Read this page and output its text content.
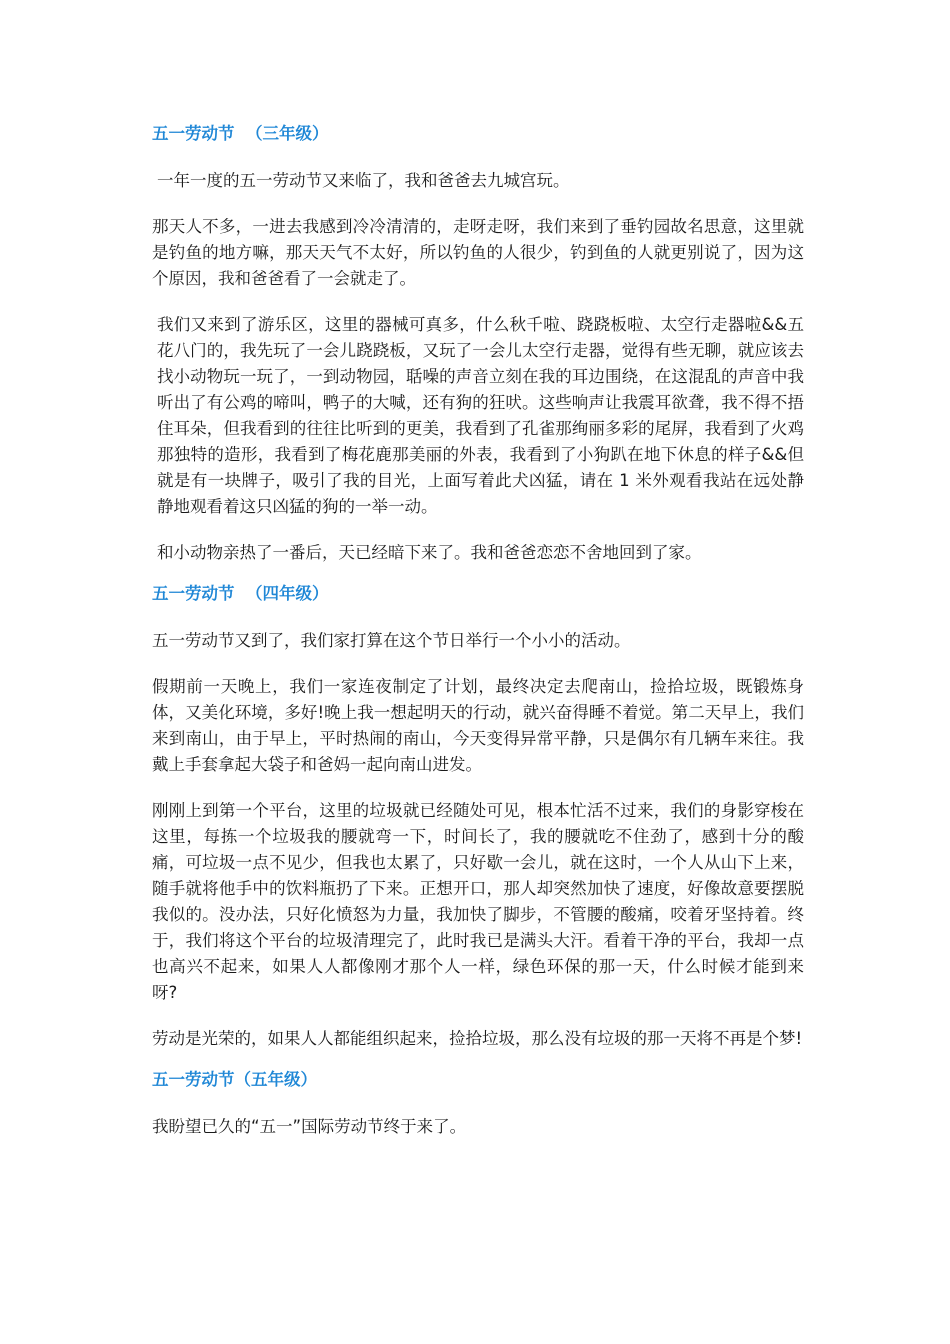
五一劳动节  （三年级）

一年一度的五一劳动节又来临了，我和爸爸去九城宫玩。

那天人不多，一进去我感到冷冷清清的，走呀走呀，我们来到了垂钓园故名思意，这里就是钓鱼的地方嘛，那天天气不太好，所以钓鱼的人很少，钓到鱼的人就更别说了，因为这个原因，我和爸爸看了一会就走了。

我们又来到了游乐区，这里的器械可真多，什么秋千啦、跷跷板啦、太空行走器啦&&五花八门的，我先玩了一会儿跷跷板，又玩了一会儿太空行走器，觉得有些无聊，就应该去找小动物玩一玩了，一到动物园，聒噪的声音立刻在我的耳边围绕，在这混乱的声音中我听出了有公鸡的啼叫，鸭子的大喊，还有狗的狂吠。这些响声让我震耳欲聋，我不得不捂住耳朵，但我看到的往往比听到的更美，我看到了孔雀那绚丽多彩的尾屏，我看到了火鸡那独特的造形，我看到了梅花鹿那美丽的外表，我看到了小狗趴在地下休息的样子&&但就是有一块牌子，吸引了我的目光，上面写着此犬凶猛，请在 1 米外观看我站在远处静静地观看着这只凶猛的狗的一举一动。

和小动物亲热了一番后，天已经暗下来了。我和爸爸恋恋不舍地回到了家。

五一劳动节  （四年级）

五一劳动节又到了，我们家打算在这个节日举行一个小小的活动。

假期前一天晚上，我们一家连夜制定了计划，最终决定去爬南山，捡拾垃圾，既锻炼身体，又美化环境，多好!晚上我一想起明天的行动，就兴奋得睡不着觉。第二天早上，我们来到南山，由于早上，平时热闹的南山，今天变得异常平静，只是偶尔有几辆车来往。我戴上手套拿起大袋子和爸妈一起向南山进发。

刚刚上到第一个平台，这里的垃圾就已经随处可见，根本忙活不过来，我们的身影穿梭在这里，每拣一个垃圾我的腰就弯一下，时间长了，我的腰就吃不住劲了，感到十分的酸痛，可垃圾一点不见少，但我也太累了，只好歇一会儿，就在这时，一个人从山下上来，随手就将他手中的饮料瓶扔了下来。正想开口，那人却突然加快了速度，好像故意要摆脱我似的。没办法，只好化愤怒为力量，我加快了脚步，不管腰的酸痛，咬着牙坚持着。终于，我们将这个平台的垃圾清理完了，此时我已是满头大汗。看着干净的平台，我却一点也高兴不起来，如果人人都像刚才那个人一样，绿色环保的那一天，什么时候才能到来呀?

劳动是光荣的，如果人人都能组织起来，捡拾垃圾，那么没有垃圾的那一天将不再是个梦!

五一劳动节（五年级）

我盼望已久的“五一”国际劳动节终于来了。
